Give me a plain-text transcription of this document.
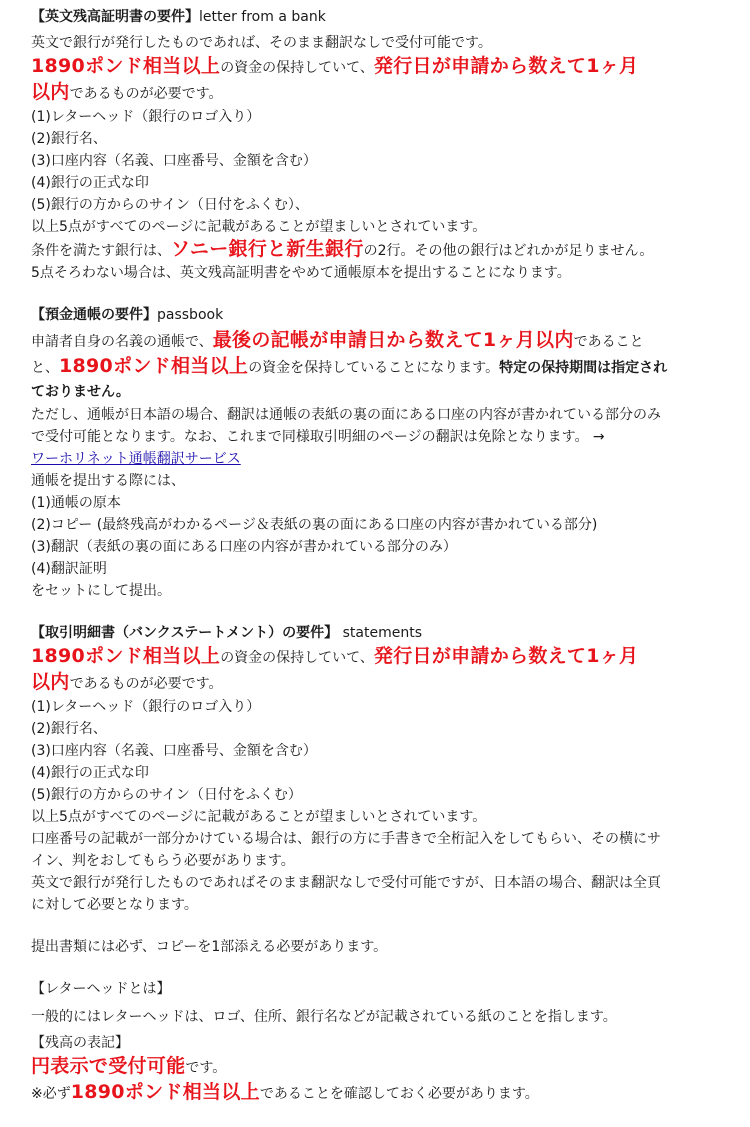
【英文残高証明書の要件】letter from a bank

英文で銀行が発行したものであれば、そのまま翻訳なしで受付可能です。

1890ポンド相当以上の資金の保持していて、発行日が申請から数えて1ヶ月

以内であるものが必要です。

(1)レターヘッド（銀行のロゴ入り）

(2)銀行名、

(3)口座内容（名義、口座番号、金額を含む）

(4)銀行の正式な印

(5)銀行の方からのサイン（日付をふくむ）、

以上5点がすべてのページに記載があることが望ましいとされています。

条件を満たす銀行は、ソニー銀行と新生銀行の2行。その他の銀行はどれかが足りません。

5点そろわない場合は、英文残高証明書をやめて通帳原本を提出することになります。

【預金通帳の要件】passbook

申請者自身の名義の通帳で、最後の記帳が申請日から数えて1ヶ月以内であることと、1890ポンド相当以上の資金を保持していることになります。特定の保持期間は指定されておりません。

ただし、通帳が日本語の場合、翻訳は通帳の表紙の裏の面にある口座の内容が書かれている部分のみで受付可能となります。なお、これまで同様取引明細のページの翻訳は免除となります。 →
ワーホリネット通帳翻訳サービス

通帳を提出する際には、

(1)通帳の原本

(2)コピー (最終残高がわかるページ＆表紙の裏の面にある口座の内容が書かれている部分)

(3)翻訳（表紙の裏の面にある口座の内容が書かれている部分のみ）

(4)翻訳証明

をセットにして提出。

【取引明細書（バンクステートメント）の要件】 statements

1890ポンド相当以上の資金の保持していて、発行日が申請から数えて1ヶ月

以内であるものが必要です。

(1)レターヘッド（銀行のロゴ入り）

(2)銀行名、

(3)口座内容（名義、口座番号、金額を含む）

(4)銀行の正式な印

(5)銀行の方からのサイン（日付をふくむ）

以上5点がすべてのページに記載があることが望ましいとされています。

口座番号の記載が一部分かけている場合は、銀行の方に手書きで全桁記入をしてもらい、その横にサイン、判をおしてもらう必要があります。

英文で銀行が発行したものであればそのまま翻訳なしで受付可能ですが、日本語の場合、翻訳は全頁に対して必要となります。

提出書類には必ず、コピーを1部添える必要があります。

【レターヘッドとは】

一般的にはレターヘッドは、ロゴ、住所、銀行名などが記載されている紙のことを指します。

【残高の表記】

円表示で受付可能です。

※必ず1890ポンド相当以上であることを確認しておく必要があります。
